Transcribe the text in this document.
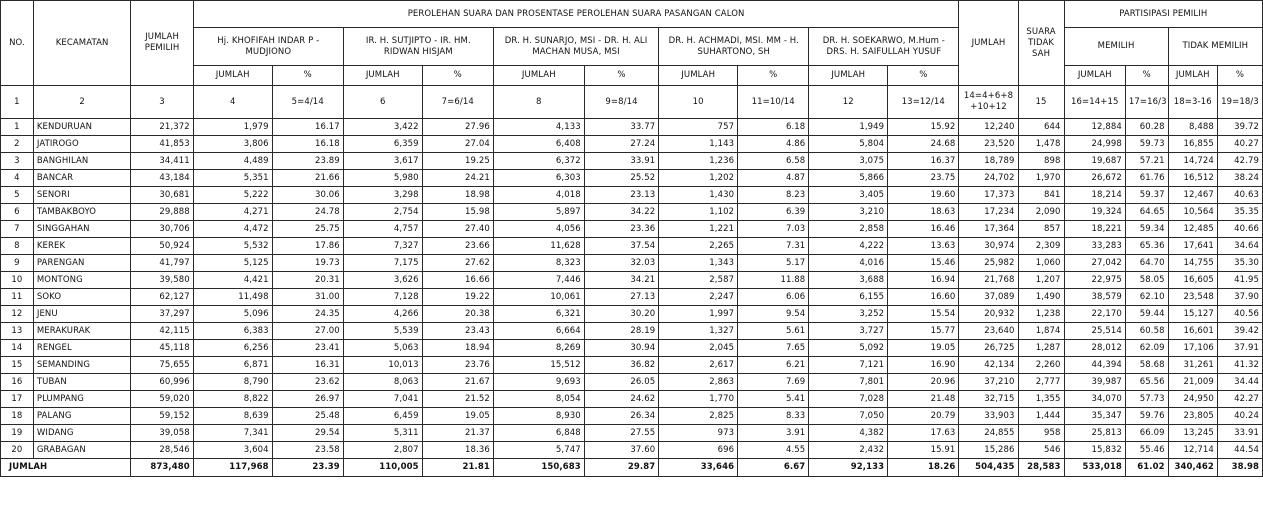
NO.	KECAMATAN	JUMLAH PEMILIH	PEROLEHAN SUARA DAN PROSENTASE PEROLEHAN SUARA PASANGAN CALON										JUMLAH	SUARA TIDAK SAH	PARTISIPASI PEMILIH			
			Hj. KHOFIFAH INDAR P - MUDJIONO		IR. H. SUTJIPTO - IR. HM. RIDWAN HISJAM		DR. H. SUNARJO, MSI - DR. H. ALI MACHAN MUSA, MSI		DR. H. ACHMADI, MSI. MM - H. SUHARTONO, SH		DR. H. SOEKARWO, M.Hum - DRS. H. SAIFULLAH YUSUF				MEMILIH		TIDAK MEMILIH	
			JUMLAH	%	JUMLAH	%	JUMLAH	%	JUMLAH	%	JUMLAH	%			JUMLAH	%	JUMLAH	%
1	2	3	4	5=4/14	6	7=6/14	8	9=8/14	10	11=10/14	12	13=12/14	14=4+6+8 +10+12	15	16=14+15	17=16/3	18=3-16	19=18/3
1	KENDURUAN	21,372	1,979	16.17	3,422	27.96	4,133	33.77	757	6.18	1,949	15.92	12,240	644	12,884	60.28	8,488	39.72
2	JATIROGO	41,853	3,806	16.18	6,359	27.04	6,408	27.24	1,143	4.86	5,804	24.68	23,520	1,478	24,998	59.73	16,855	40.27
3	BANGHILAN	34,411	4,489	23.89	3,617	19.25	6,372	33.91	1,236	6.58	3,075	16.37	18,789	898	19,687	57.21	14,724	42.79
4	BANCAR	43,184	5,351	21.66	5,980	24.21	6,303	25.52	1,202	4.87	5,866	23.75	24,702	1,970	26,672	61.76	16,512	38.24
5	SENORI	30,681	5,222	30.06	3,298	18.98	4,018	23.13	1,430	8.23	3,405	19.60	17,373	841	18,214	59.37	12,467	40.63
6	TAMBAKBOYO	29,888	4,271	24.78	2,754	15.98	5,897	34.22	1,102	6.39	3,210	18.63	17,234	2,090	19,324	64.65	10,564	35.35
7	SINGGAHAN	30,706	4,472	25.75	4,757	27.40	4,056	23.36	1,221	7.03	2,858	16.46	17,364	857	18,221	59.34	12,485	40.66
8	KEREK	50,924	5,532	17.86	7,327	23.66	11,628	37.54	2,265	7.31	4,222	13.63	30,974	2,309	33,283	65.36	17,641	34.64
9	PARENGAN	41,797	5,125	19.73	7,175	27.62	8,323	32.03	1,343	5.17	4,016	15.46	25,982	1,060	27,042	64.70	14,755	35.30
10	MONTONG	39,580	4,421	20.31	3,626	16.66	7,446	34.21	2,587	11.88	3,688	16.94	21,768	1,207	22,975	58.05	16,605	41.95
11	SOKO	62,127	11,498	31.00	7,128	19.22	10,061	27.13	2,247	6.06	6,155	16.60	37,089	1,490	38,579	62.10	23,548	37.90
12	JENU	37,297	5,096	24.35	4,266	20.38	6,321	30.20	1,997	9.54	3,252	15.54	20,932	1,238	22,170	59.44	15,127	40.56
13	MERAKURAK	42,115	6,383	27.00	5,539	23.43	6,664	28.19	1,327	5.61	3,727	15.77	23,640	1,874	25,514	60.58	16,601	39.42
14	RENGEL	45,118	6,256	23.41	5,063	18.94	8,269	30.94	2,045	7.65	5,092	19.05	26,725	1,287	28,012	62.09	17,106	37.91
15	SEMANDING	75,655	6,871	16.31	10,013	23.76	15,512	36.82	2,617	6.21	7,121	16.90	42,134	2,260	44,394	58.68	31,261	41.32
16	TUBAN	60,996	8,790	23.62	8,063	21.67	9,693	26.05	2,863	7.69	7,801	20.96	37,210	2,777	39,987	65.56	21,009	34.44
17	PLUMPANG	59,020	8,822	26.97	7,041	21.52	8,054	24.62	1,770	5.41	7,028	21.48	32,715	1,355	34,070	57.73	24,950	42.27
18	PALANG	59,152	8,639	25.48	6,459	19.05	8,930	26.34	2,825	8.33	7,050	20.79	33,903	1,444	35,347	59.76	23,805	40.24
19	WIDANG	39,058	7,341	29.54	5,311	21.37	6,848	27.55	973	3.91	4,382	17.63	24,855	958	25,813	66.09	13,245	33.91
20	GRABAGAN	28,546	3,604	23.58	2,807	18.36	5,747	37.60	696	4.55	2,432	15.91	15,286	546	15,832	55.46	12,714	44.54
JUMLAH		873,480	117,968	23.39	110,005	21.81	150,683	29.87	33,646	6.67	92,133	18.26	504,435	28,583	533,018	61.02	340,462	38.98
